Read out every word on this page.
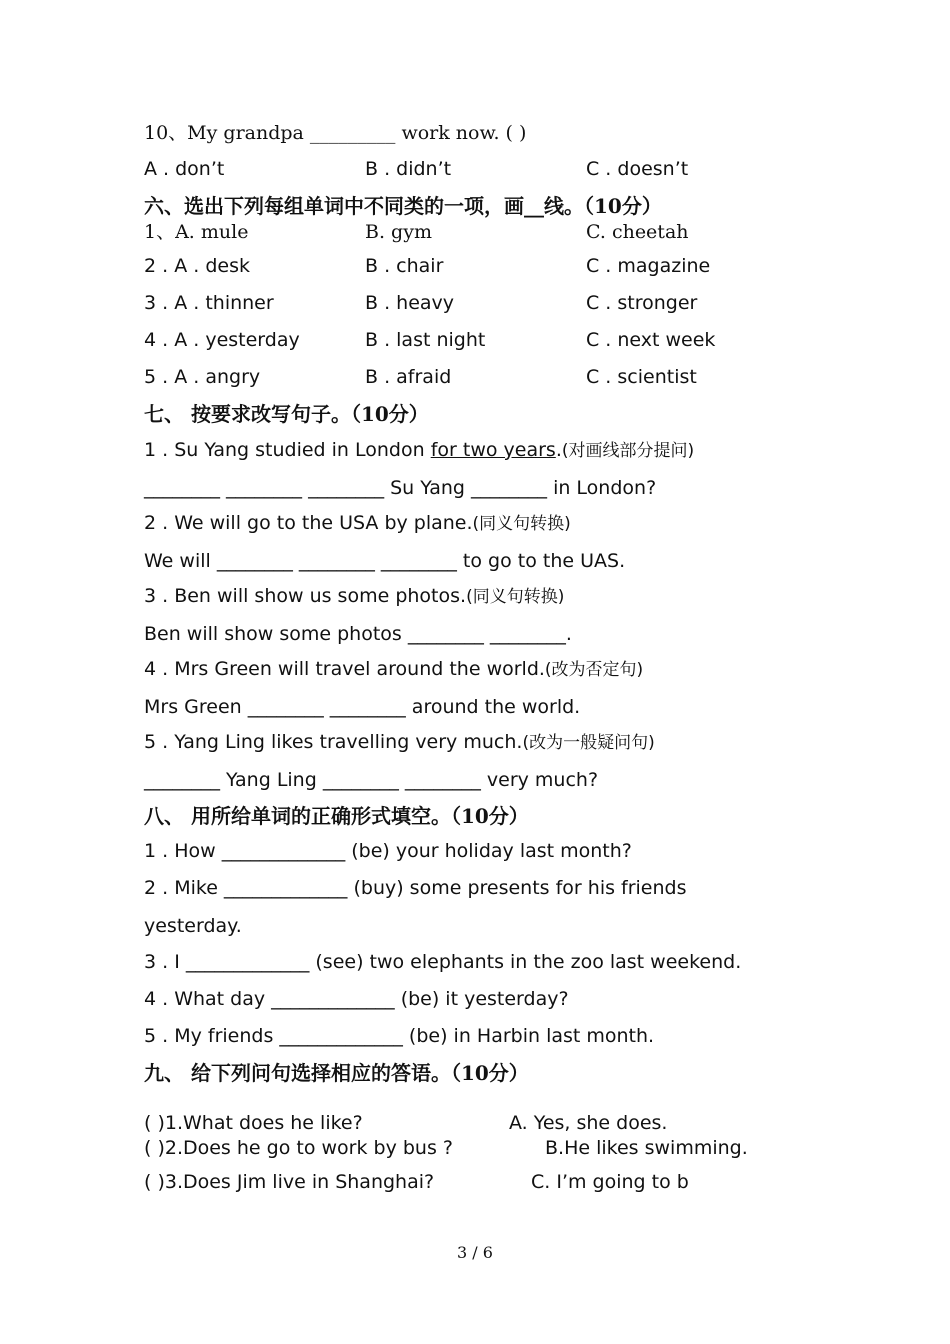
10、My grandpa _________ work now. ( )
A . don’t	B . didn’t	C . doesn’t
六、选出下列每组单词中不同类的一项，画__线。（10分）
1、A. mule	B. gym	C. cheetah
2 . A . desk	B . chair	C . magazine
3 . A . thinner	B . heavy	C . stronger
4 . A . yesterday	B . last night	C . next week
5 . A . angry	B . afraid	C . scientist
七、 按要求改写句子。（10分）
1 . Su Yang studied in London for two years.(对画线部分提问)
________ ________ ________ Su Yang ________ in London?
2 . We will go to the USA by plane.(同义句转换)
We will ________ ________ ________ to go to the UAS.
3 . Ben will show us some photos.(同义句转换)
Ben will show some photos ________ ________.
4 . Mrs Green will travel around the world.(改为否定句)
Mrs Green ________ ________ around the world.
5 . Yang Ling likes travelling very much.(改为一般疑问句)
________ Yang Ling ________ ________ very much?
八、 用所给单词的正确形式填空。（10分）
1 . How _____________ (be) your holiday last month?
2 . Mike _____________ (buy) some presents for his friends
yesterday.
3 . I _____________ (see) two elephants in the zoo last weekend.
4 . What day _____________ (be) it yesterday?
5 . My friends _____________ (be) in Harbin last month.
九、 给下列问句选择相应的答语。（10分）
( )1.What does he like?	A. Yes, she does.
( )2.Does he go to work by bus ?	B.He likes swimming.
( )3.Does Jim live in Shanghai?	C. I’m going to b
3 / 6
